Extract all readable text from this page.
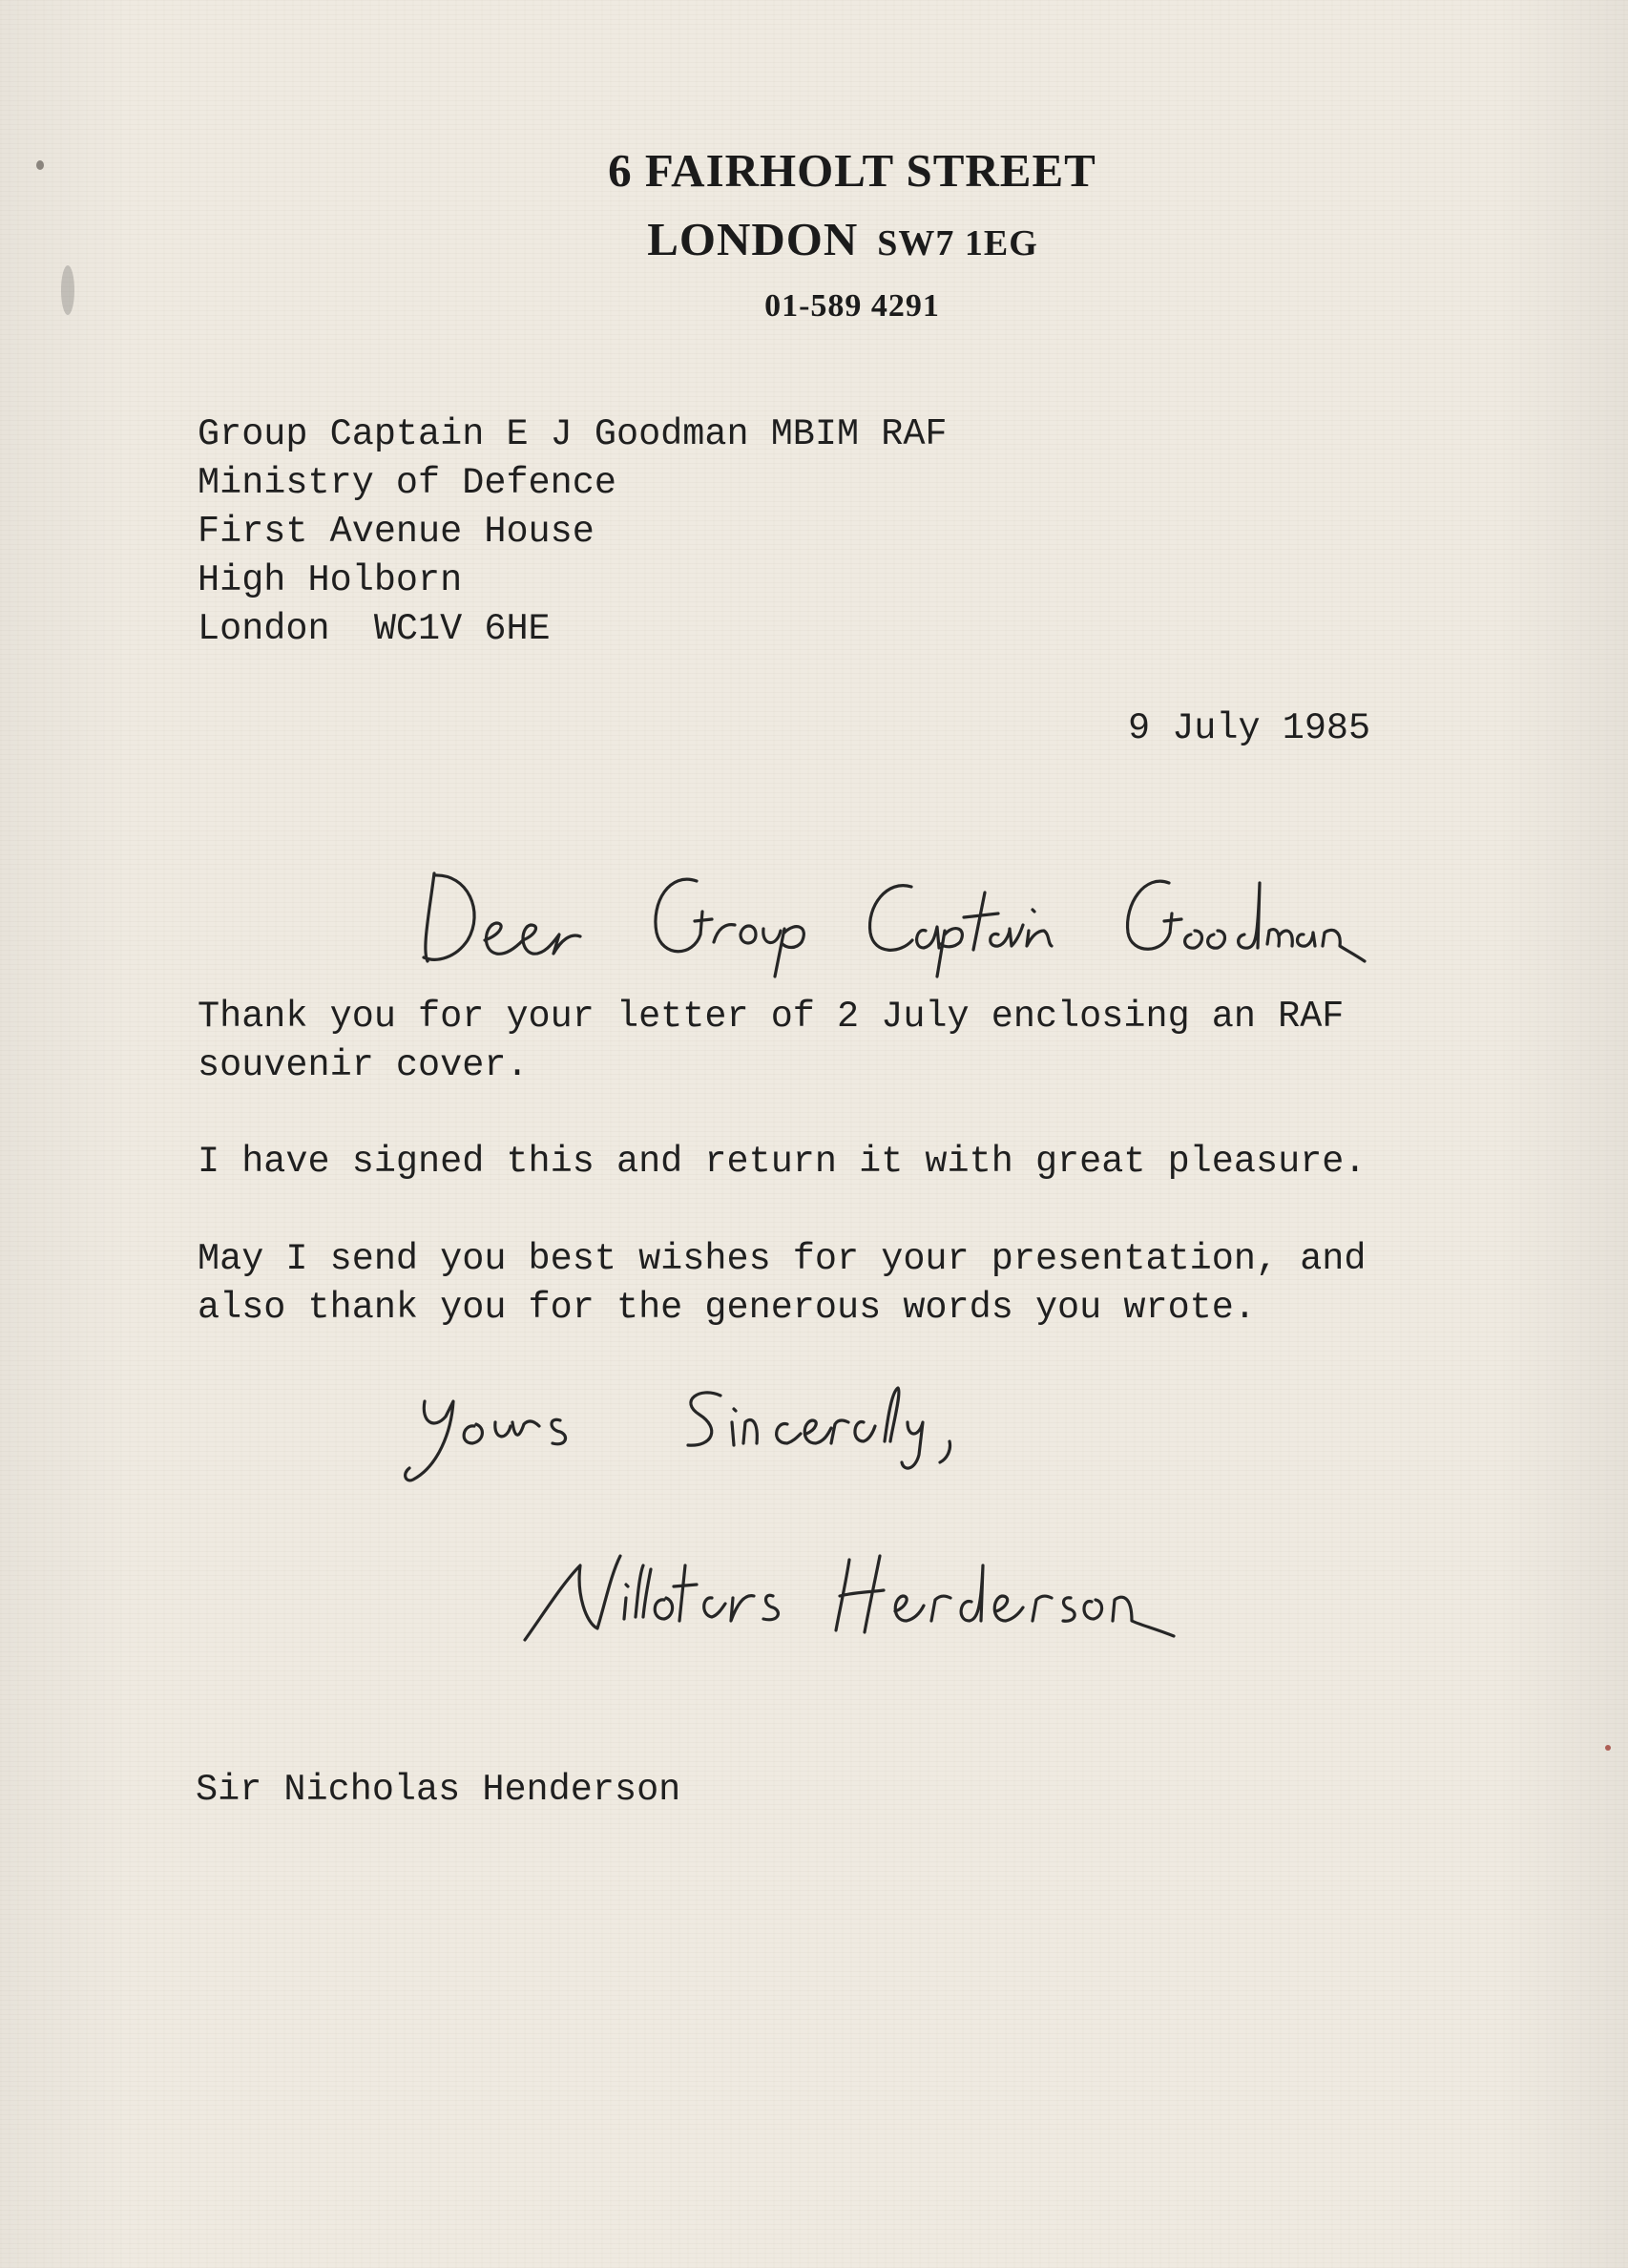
6 FAIRHOLT STREET
LONDON SW7 1EG
01-589 4291
Group Captain E J Goodman MBIM RAF
Ministry of Defence
First Avenue House
High Holborn
London  WC1V 6HE
9 July 1985
Thank you for your letter of 2 July enclosing an RAF
souvenir cover.
I have signed this and return it with great pleasure.
May I send you best wishes for your presentation, and
also thank you for the generous words you wrote.
Sir Nicholas Henderson
